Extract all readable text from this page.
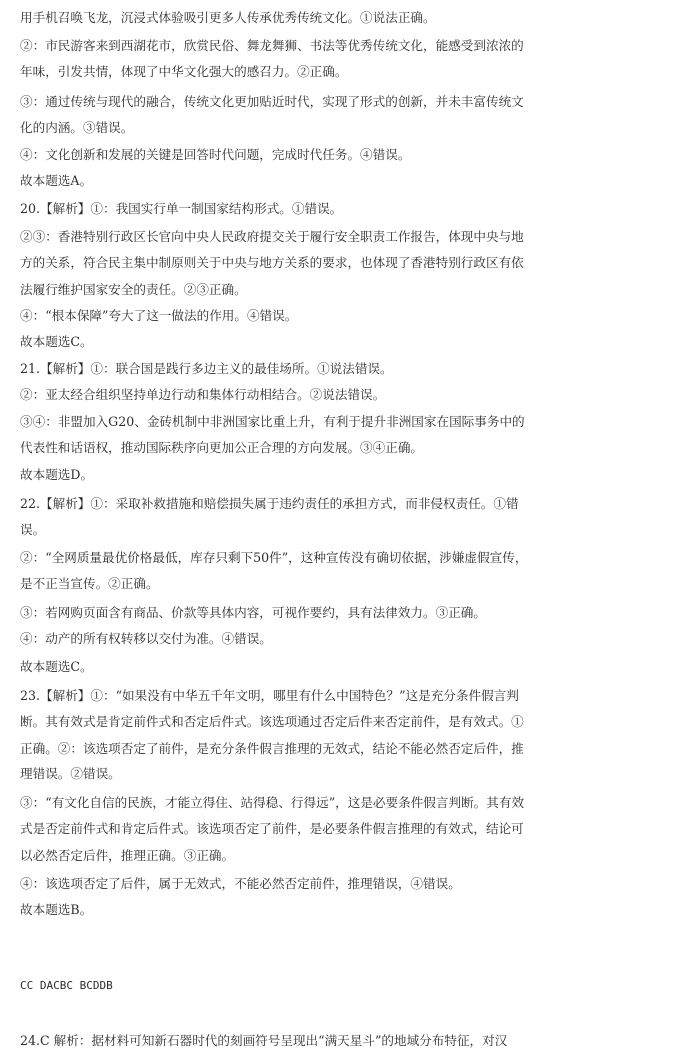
用手机召唤飞龙，沉浸式体验吸引更多人传承优秀传统文化。①说法正确。
②：市民游客来到西湖花市，欣赏民俗、舞龙舞狮、书法等优秀传统文化，能感受到浓浓的
年味，引发共情，体现了中华文化强大的感召力。②正确。
③：通过传统与现代的融合，传统文化更加贴近时代，实现了形式的创新，并未丰富传统文
化的内涵。③错误。
④：文化创新和发展的关键是回答时代问题，完成时代任务。④错误。
故本题选A。
20.【解析】①：我国实行单一制国家结构形式。①错误。
②③：香港特别行政区长官向中央人民政府提交关于履行安全职责工作报告，体现中央与地
方的关系，符合民主集中制原则关于中央与地方关系的要求，也体现了香港特别行政区有依
法履行维护国家安全的责任。②③正确。
④：“根本保障”夸大了这一做法的作用。④错误。
故本题选C。
21.【解析】①：联合国是践行多边主义的最佳场所。①说法错误。
②：亚太经合组织坚持单边行动和集体行动相结合。②说法错误。
③④：非盟加入G20、金砖机制中非洲国家比重上升，有利于提升非洲国家在国际事务中的
代表性和话语权，推动国际秩序向更加公正合理的方向发展。③④正确。
故本题选D。
22.【解析】①：采取补救措施和赔偿损失属于违约责任的承担方式，而非侵权责任。①错
误。
②：“全网质量最优价格最低，库存只剩下50件”，这种宣传没有确切依据，涉嫌虚假宣传，
是不正当宣传。②正确。
③：若网购页面含有商品、价款等具体内容，可视作要约，具有法律效力。③正确。
④：动产的所有权转移以交付为准。④错误。
故本题选C。
23.【解析】①：“如果没有中华五千年文明，哪里有什么中国特色？”这是充分条件假言判
断。其有效式是肯定前件式和否定后件式。该选项通过否定后件来否定前件，是有效式。①
正确。②：该选项否定了前件，是充分条件假言推理的无效式，结论不能必然否定后件，推
理错误。②错误。
③：“有文化自信的民族，才能立得住、站得稳、行得远”，这是必要条件假言判断。其有效
式是否定前件式和肯定后件式。该选项否定了前件，是必要条件假言推理的有效式，结论可
以必然否定后件，推理正确。③正确。
④：该选项否定了后件，属于无效式，不能必然否定前件，推理错误，④错误。
故本题选B。
CC DACBC BCDDB
24.C 解析：据材料可知新石器时代的刻画符号呈现出“满天星斗”的地域分布特征，对汉
